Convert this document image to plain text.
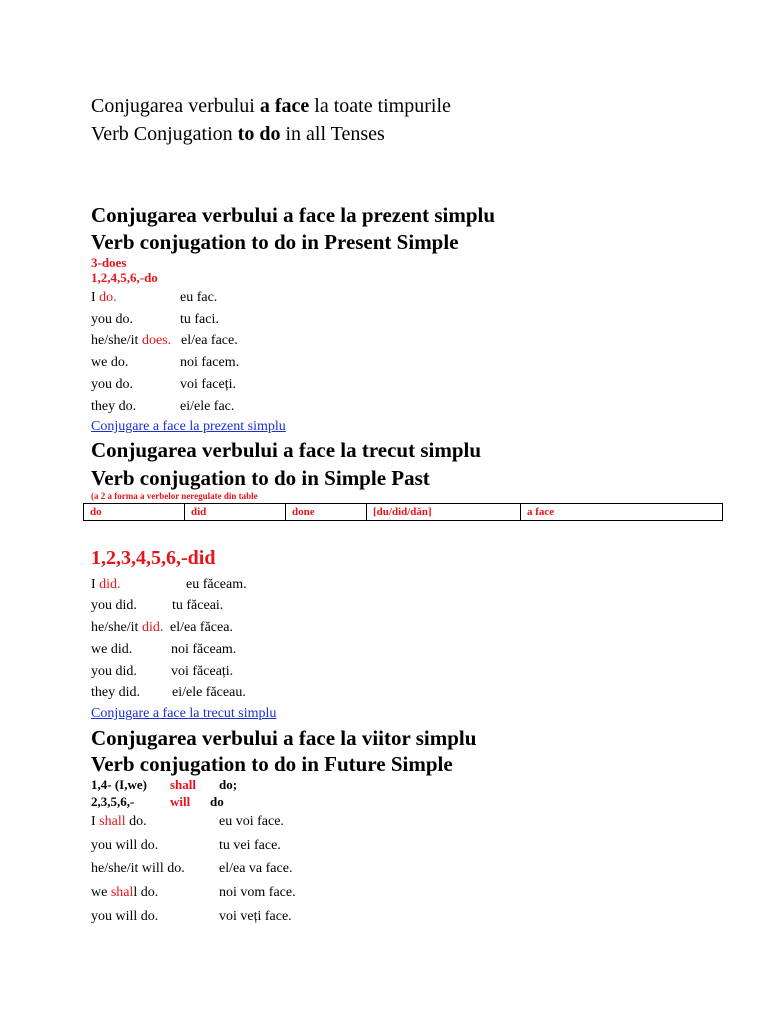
Conjugarea verbului a face la toate timpurile
Verb Conjugation to do in all Tenses
Conjugarea verbului a face la prezent simplu
Verb conjugation to do in Present Simple
3-does
1,2,4,5,6,-do
I do.	eu fac.
you do.	tu faci.
he/she/it does. el/ea face.
we do.	noi facem.
you do.	voi faceți.
they do.	ei/ele fac.
Conjugare a face la prezent simplu
Conjugarea verbului a face la trecut simplu
Verb conjugation to do in Simple Past
(a 2 a forma a verbelor neregulate din table
do	did	done	[du/did/dăn]	a face
1,2,3,4,5,6,-did
I did.	eu făceam.
you did.	tu făceai.
he/she/it did. el/ea făcea.
we did.	noi făceam.
you did. voi făceați.
they did. ei/ele făceau.
Conjugare a face la trecut simplu
Conjugarea verbului a face la viitor simplu
Verb conjugation to do in Future Simple
1,4- (I,we) shall do;
2,3,5,6,-	will do
I shall do.	eu voi face.
you will do.	tu vei face.
he/she/it will do. el/ea va face.
we shall do.	noi vom face.
you will do.	voi veți face.
